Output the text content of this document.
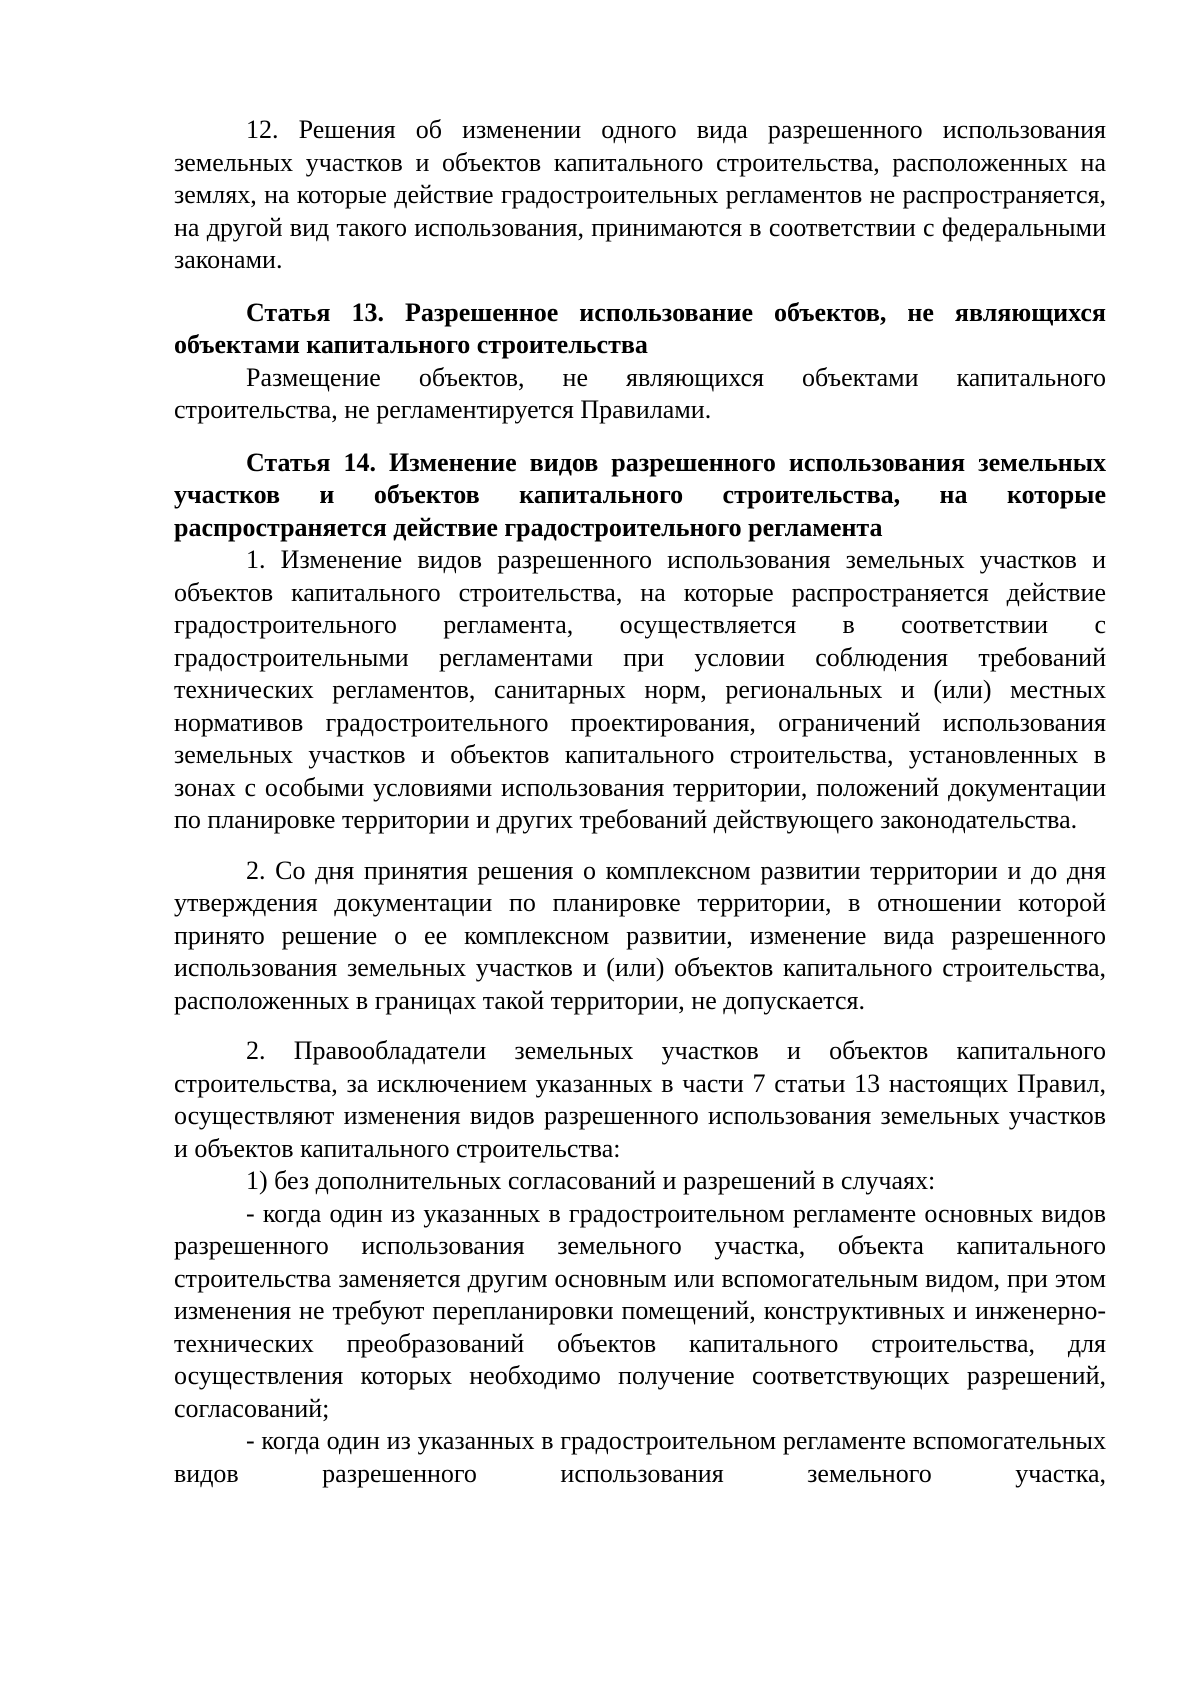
12. Решения об изменении одного вида разрешенного использования земельных участков и объектов капитального строительства, расположенных на землях, на которые действие градостроительных регламентов не распространяется, на другой вид такого использования, принимаются в соответствии с федеральными законами.

Статья 13. Разрешенное использование объектов, не являющихся объектами капитального строительства

Размещение объектов, не являющихся объектами капитального строительства, не регламентируется Правилами.

Статья 14. Изменение видов разрешенного использования земельных участков и объектов капитального строительства, на которые распространяется действие градостроительного регламента

1. Изменение видов разрешенного использования земельных участков и объектов капитального строительства, на которые распространяется действие градостроительного регламента, осуществляется в соответствии с градостроительными регламентами при условии соблюдения требований технических регламентов, санитарных норм, региональных и (или) местных нормативов градостроительного проектирования, ограничений использования земельных участков и объектов капитального строительства, установленных в зонах с особыми условиями использования территории, положений документации по планировке территории и других требований действующего законодательства.

2. Со дня принятия решения о комплексном развитии территории и до дня утверждения документации по планировке территории, в отношении которой принято решение о ее комплексном развитии, изменение вида разрешенного использования земельных участков и (или) объектов капитального строительства, расположенных в границах такой территории, не допускается.

2. Правообладатели земельных участков и объектов капитального строительства, за исключением указанных в части 7 статьи 13 настоящих Правил, осуществляют изменения видов разрешенного использования земельных участков и объектов капитального строительства:

1) без дополнительных согласований и разрешений в случаях:

- когда один из указанных в градостроительном регламенте основных видов разрешенного использования земельного участка, объекта капитального строительства заменяется другим основным или вспомогательным видом, при этом изменения не требуют перепланировки помещений, конструктивных и инженерно-технических преобразований объектов капитального строительства, для осуществления которых необходимо получение соответствующих разрешений, согласований;

- когда один из указанных в градостроительном регламенте вспомогательных видов разрешенного использования земельного участка,
